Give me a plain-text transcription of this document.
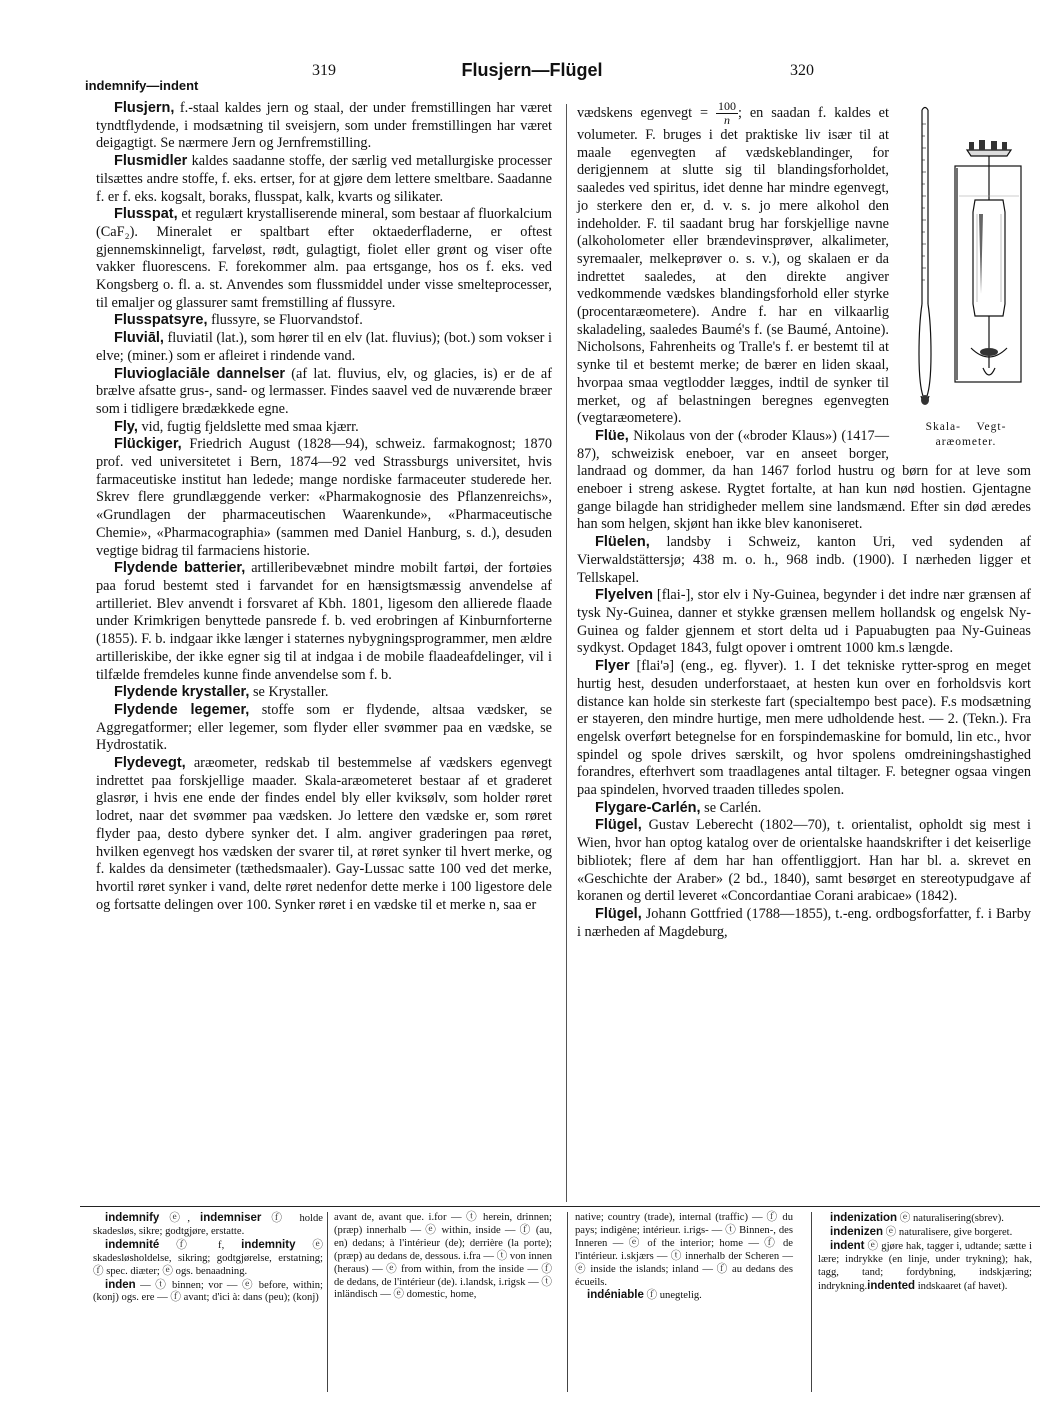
indemnify—indent
319	Flusjern—Flügel	320

Flusjern, f.-staal kaldes jern og staal, der under fremstillingen har været tyndtflydende, i modsætning til sveisjern, som under fremstillingen har været deigagtigt. Se nærmere Jern og Jernfremstilling.

Flusmidler kaldes saadanne stoffe, der særlig ved metallurgiske processer tilsættes andre stoffe, f. eks. ertser, for at gjøre dem lettere smeltbare. Saadanne f. er f. eks. kogsalt, boraks, flusspat, kalk, kvarts og silikater.

Flusspat, et regulært krystalliserende mineral, som bestaar af fluorkalcium (CaF₂). Mineralet er spaltbart efter oktaederfladerne, er oftest gjennemskinneligt, farveløst, rødt, gulagtigt, fiolet eller grønt og viser ofte vakker fluorescens. F. forekommer alm. paa ertsgange, hos os f. eks. ved Kongsberg o. fl. a. st. Anvendes som flussmiddel under visse smelteprocesser, til emaljer og glassurer samt fremstilling af flussyre.

Flusspatsyre, flussyre, se Fluorvandstof.

Fluviāl, fluviatil (lat.), som hører til en elv (lat. fluvius); (bot.) som vokser i elve; (miner.) som er afleiret i rindende vand.

Fluvioglaciāle dannelser (af lat. fluvius, elv, og glacies, is) er de af brælve afsatte grus-, sand- og lermasser. Findes saavel ved de nuværende bræer som i tidligere brædækkede egne.

Fly, vid, fugtig fjeldslette med smaa kjærr.

Flückiger, Friedrich August (1828—94), schweiz. farmakognost; 1870 prof. ved universitetet i Bern, 1874—92 ved Strassburgs universitet, hvis farmaceutiske institut han ledede; mange nordiske farmaceuter studerede her. Skrev flere grundlæggende verker: «Pharmakognosie des Pflanzenreichs», «Grundlagen der pharmaceutischen Waarenkunde», «Pharmaceutische Chemie», «Pharmacographia» (sammen med Daniel Hanburg, s. d.), desuden vegtige bidrag til farmaciens historie.

Flydende batterier, artilleribevæbnet mindre mobilt fartøi, der fortøies paa forud bestemt sted i farvandet for en hænsigtsmæssig anvendelse af artilleriet. Blev anvendt i forsvaret af Kbh. 1801, ligesom den allierede flaade under Krimkrigen benyttede pansrede f. b. ved erobringen af Kinburnforterne (1855). F. b. indgaar ikke længer i staternes nybygningsprogrammer, men ældre artilleriskibe, der ikke egner sig til at indgaa i de mobile flaadeafdelinger, vil i tilfælde fremdeles kunne finde anvendelse som f. b.

Flydende krystaller, se Krystaller.

Flydende legemer, stoffe som er flydende, altsaa vædsker, se Aggregatformer; eller legemer, som flyder eller svømmer paa en vædske, se Hydrostatik.

Flydevegt, aræometer, redskab til bestemmelse af vædskers egenvegt indrettet paa forskjellige maader. Skala-aræometeret bestaar af et graderet glasrør, i hvis ene ende der findes endel bly eller kviksølv, som holder røret lodret, naar det svømmer paa vædsken. Jo lettere den vædske er, som røret flyder paa, desto dybere synker det. I alm. angiver graderingen paa røret, hvilken egenvegt hos vædsken der svarer til, at røret synker til hvert merke, og f. kaldes da densimeter (tæthedsmaaler). Gay-Lussac satte 100 ved det merke, hvortil røret synker i vand, delte røret nedenfor dette merke i 100 ligestore dele og fortsatte delingen over 100. Synker røret i en vædske til et merke n, saa er

vædskens egenvegt = $\frac{100}{n}$
Skala- Vegt-
aræometer.
; en saadan f. kaldes et volumeter. F. bruges i det praktiske liv især til at maale egenvegten af vædskeblandinger, for derigjennem at slutte sig til blandingsforholdet, saaledes ved spiritus, idet denne har mindre egenvegt, jo sterkere den er, d. v. s. jo mere alkohol den indeholder. F. til saadant brug har forskjellige navne (alkoholometer eller brændevinsprøver, alkalimeter, syremaaler, melkeprøver o. s. v.), og skalaen er da indrettet saaledes, at den direkte angiver vedkommende vædskes blandingsforhold eller styrke (procentaræometere). Andre f. har en vilkaarlig skaladeling, saaledes Baumé's f. (se Baumé, Antoine). Nicholsons, Fahrenheits og Tralle's f. er bestemt til at synke til et bestemt merke; de bærer en liden skaal, hvorpaa smaa vegtlodder lægges, indtil de synker til merket, og af belastningen beregnes egenvegten (vegtaræometere).

Flüe, Nikolaus von der («broder Klaus») (1417—87), schweizisk eneboer, var en anseet borger, landraad og dommer, da han 1467 forlod hustru og børn for at leve som eneboer i streng askese. Rygtet fortalte, at han kun nød hostien. Gjentagne gange bilagde han stridigheder mellem sine landsmænd. Efter sin død æredes han som helgen, skjønt han ikke blev kanoniseret.

Flüelen, landsby i Schweiz, kanton Uri, ved sydenden af Vierwaldstättersjø; 438 m. o. h., 968 indb. (1900). I nærheden ligger et Tellskapel.

Flyelven [flai-], stor elv i Ny-Guinea, begynder i det indre nær grænsen af tysk Ny-Guinea, danner et stykke grænsen mellem hollandsk og engelsk Ny-Guinea og falder gjennem et stort delta ud i Papuabugten paa Ny-Guineas sydkyst. Opdaget 1843, fulgt opover i omtrent 1000 km.s længde.

Flyer [flai'ə] (eng., eg. flyver). 1. I det tekniske rytter-sprog en meget hurtig hest, desuden underforstaaet, at hesten kun over en forholdsvis kort distance kan holde sin sterkeste fart (specialtempo best pace). F.s modsætning er stayeren, den mindre hurtige, men mere udholdende hest. — 2. (Tekn.). Fra engelsk overført betegnelse for en forspindemaskine for bomuld, lin etc., hvor spindel og spole drives særskilt, og hvor spolens omdreiningshastighed forandres, efterhvert som traadlagenes antal tiltager. F. betegner ogsaa vingen paa spindelen, hvorved traaden tilledes spolen.

Flygare-Carlén, se Carlén.

Flügel, Gustav Leberecht (1802—70), t. orientalist, opholdt sig mest i Wien, hvor han optog katalog over de orientalske haandskrifter i det keiserlige bibliotek; flere af dem har han offentliggjort. Han har bl. a. skrevet en «Geschichte der Araber» (2 bd., 1840), samt besørget en stereotypudgave af koranen og dertil leveret «Concordantiae Corani arabicae» (1842).

Flügel, Johann Gottfried (1788—1855), t.-eng. ordbogsforfatter, f. i Barby i nærheden af Magdeburg,

indemnify ⓔ, indemniser ⓕ holde skadesløs, sikre; godtgjøre, erstatte.

indemnité ⓕ f, indemnity ⓔ skadesløsholdelse, sikring; godtgjørelse, erstatning; ⓕ spec. diæter; ⓔ ogs. benaadning.

inden — ⓣ binnen; vor — ⓔ before, within; (konj) ogs. ere — ⓕ avant; d'ici à: dans (peu); (konj)

avant de, avant que. i.for — ⓣ herein, drinnen; (præp) innerhalb — ⓔ within, inside — ⓕ (au, en) dedans; à l'intérieur (de); derrière (la porte); (præp) au dedans de, dessous. i.fra — ⓣ von innen (heraus) — ⓔ from within, from the inside — ⓕ de dedans, de l'intérieur (de). i.landsk, i.rigsk — ⓣ inländisch — ⓔ domestic, home,

native; country (trade), internal (traffic) — ⓕ du pays; indigène; intérieur. i.rigs- — ⓣ Binnen-, des Inneren — ⓔ of the interior; home — ⓕ de l'intérieur. i.skjærs — ⓣ innerhalb der Scheren — ⓔ inside the islands; inland — ⓕ au dedans des écueils.

indéniable ⓕ unegtelig.

indenization ⓔ naturalisering(sbrev).

indenizen ⓔ naturalisere, give borgeret.

indent ⓔ gjøre hak, tagger i, udtande; sætte i lære; indrykke (en linje, under trykning); hak, tagg, tand; fordybning, indskjæring; indrykning.indented indskaaret (af havet).
